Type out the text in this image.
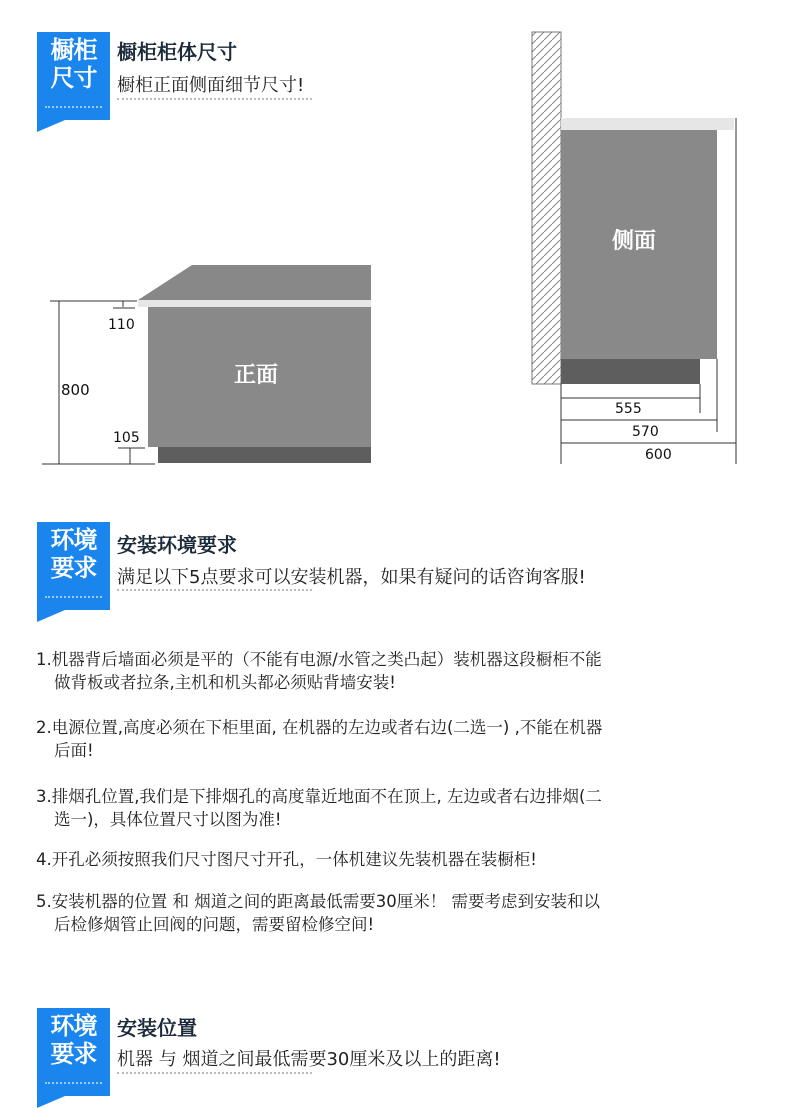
橱柜
尺寸
橱柜柜体尺寸
橱柜正面侧面细节尺寸!
正面
110
800
105
侧面
555
570
600
环境
要求
安装环境要求
满足以下5点要求可以安装机器，如果有疑问的话咨询客服!
1.机器背后墙面必须是平的（不能有电源/水管之类凸起）装机器这段橱柜不能
做背板或者拉条,主机和机头都必须贴背墙安装!
2.电源位置,高度必须在下柜里面, 在机器的左边或者右边(二选一) ,不能在机器
后面!
3.排烟孔位置,我们是下排烟孔的高度靠近地面不在顶上, 左边或者右边排烟(二
选一)，具体位置尺寸以图为准!
4.开孔必须按照我们尺寸图尺寸开孔，一体机建议先装机器在装橱柜!
5.安装机器的位置 和 烟道之间的距离最低需要30厘米！ 需要考虑到安装和以
后检修烟管止回阀的问题，需要留检修空间!
环境
要求
安装位置
机器 与 烟道之间最低需要30厘米及以上的距离!
